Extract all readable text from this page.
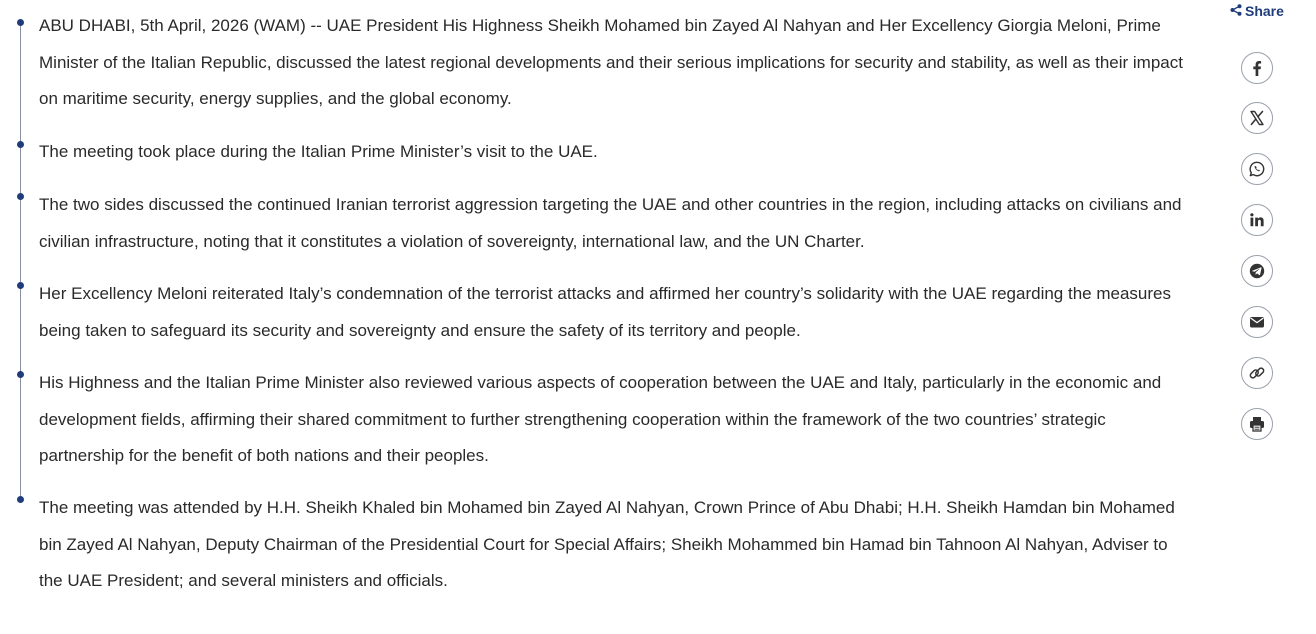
ABU DHABI, 5th April, 2026 (WAM) -- UAE President His Highness Sheikh Mohamed bin Zayed Al Nahyan and Her Excellency Giorgia Meloni, Prime Minister of the Italian Republic, discussed the latest regional developments and their serious implications for security and stability, as well as their impact on maritime security, energy supplies, and the global economy.

The meeting took place during the Italian Prime Minister’s visit to the UAE.

The two sides discussed the continued Iranian terrorist aggression targeting the UAE and other countries in the region, including attacks on civilians and civilian infrastructure, noting that it constitutes a violation of sovereignty, international law, and the UN Charter.

Her Excellency Meloni reiterated Italy’s condemnation of the terrorist attacks and affirmed her country’s solidarity with the UAE regarding the measures being taken to safeguard its security and sovereignty and ensure the safety of its territory and people.

His Highness and the Italian Prime Minister also reviewed various aspects of cooperation between the UAE and Italy, particularly in the economic and development fields, affirming their shared commitment to further strengthening cooperation within the framework of the two countries’ strategic partnership for the benefit of both nations and their peoples.

The meeting was attended by H.H. Sheikh Khaled bin Mohamed bin Zayed Al Nahyan, Crown Prince of Abu Dhabi; H.H. Sheikh Hamdan bin Mohamed bin Zayed Al Nahyan, Deputy Chairman of the Presidential Court for Special Affairs; Sheikh Mohammed bin Hamad bin Tahnoon Al Nahyan, Adviser to the UAE President; and several ministers and officials.

Share
